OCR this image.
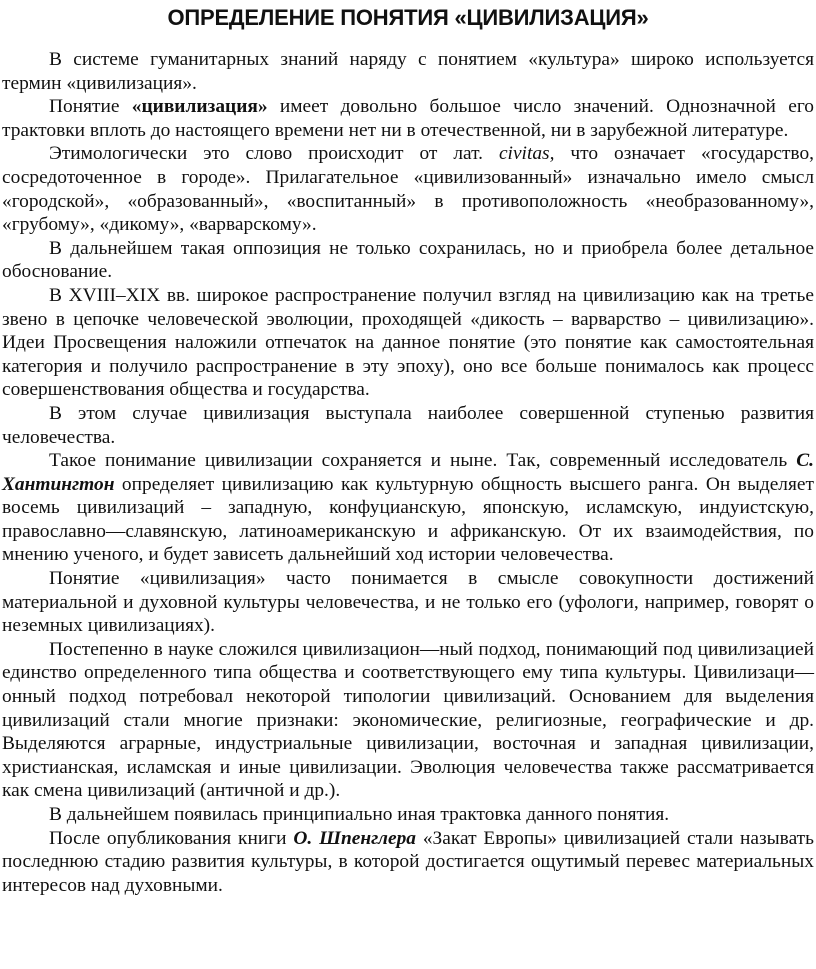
ОПРЕДЕЛЕНИЕ ПОНЯТИЯ «ЦИВИЛИЗАЦИЯ»

В системе гуманитарных знаний наряду с понятием «культура» широко используется термин «цивилизация».

Понятие «цивилизация» имеет довольно большое число значений. Однозначной его трактовки вплоть до настоящего времени нет ни в отечественной, ни в зарубежной литературе.

Этимологически это слово происходит от лат. civitas, что означает «государство, сосредоточенное в городе». Прилагательное «цивилизованный» изначально имело смысл «городской», «образованный», «воспитанный» в противоположность «необразованному», «грубому», «дикому», «варварскому».

В дальнейшем такая оппозиция не только сохранилась, но и приобрела более детальное обоснование.

В XVIII–XIX вв. широкое распространение получил взгляд на цивилизацию как на третье звено в цепочке человеческой эволюции, проходящей «дикость – варварство – цивилизацию». Идеи Просвещения наложили отпечаток на данное понятие (это понятие как самостоятельная категория и получило распространение в эту эпоху), оно все больше понималось как процесс совершенствования общества и государства.

В этом случае цивилизация выступала наиболее совершенной ступенью развития человечества.

Такое понимание цивилизации сохраняется и ныне. Так, современный исследователь С. Хантингтон определяет цивилизацию как культурную общность высшего ранга. Он выделяет восемь цивилизаций – западную, конфуцианскую, японскую, исламскую, индуистскую, православно—славянскую, латиноамериканскую и африканскую. От их взаимодействия, по мнению ученого, и будет зависеть дальнейший ход истории человечества.

Понятие «цивилизация» часто понимается в смысле совокупности достижений материальной и духовной культуры человечества, и не только его (уфологи, например, говорят о неземных цивилизациях).

Постепенно в науке сложился цивилизацион—ный подход, понимающий под цивилизацией единство определенного типа общества и соответствующего ему типа культуры. Цивилизаци—онный подход потребовал некоторой типологии цивилизаций. Основанием для выделения цивилизаций стали многие признаки: экономические, религиозные, географические и др. Выделяются аграрные, индустриальные цивилизации, восточная и западная цивилизации, христианская, исламская и иные цивилизации. Эволюция человечества также рассматривается как смена цивилизаций (античной и др.).

В дальнейшем появилась принципиально иная трактовка данного понятия.

После опубликования книги О. Шпенглера «Закат Европы» цивилизацией стали называть последнюю стадию развития культуры, в которой достигается ощутимый перевес материальных интересов над духовными.
